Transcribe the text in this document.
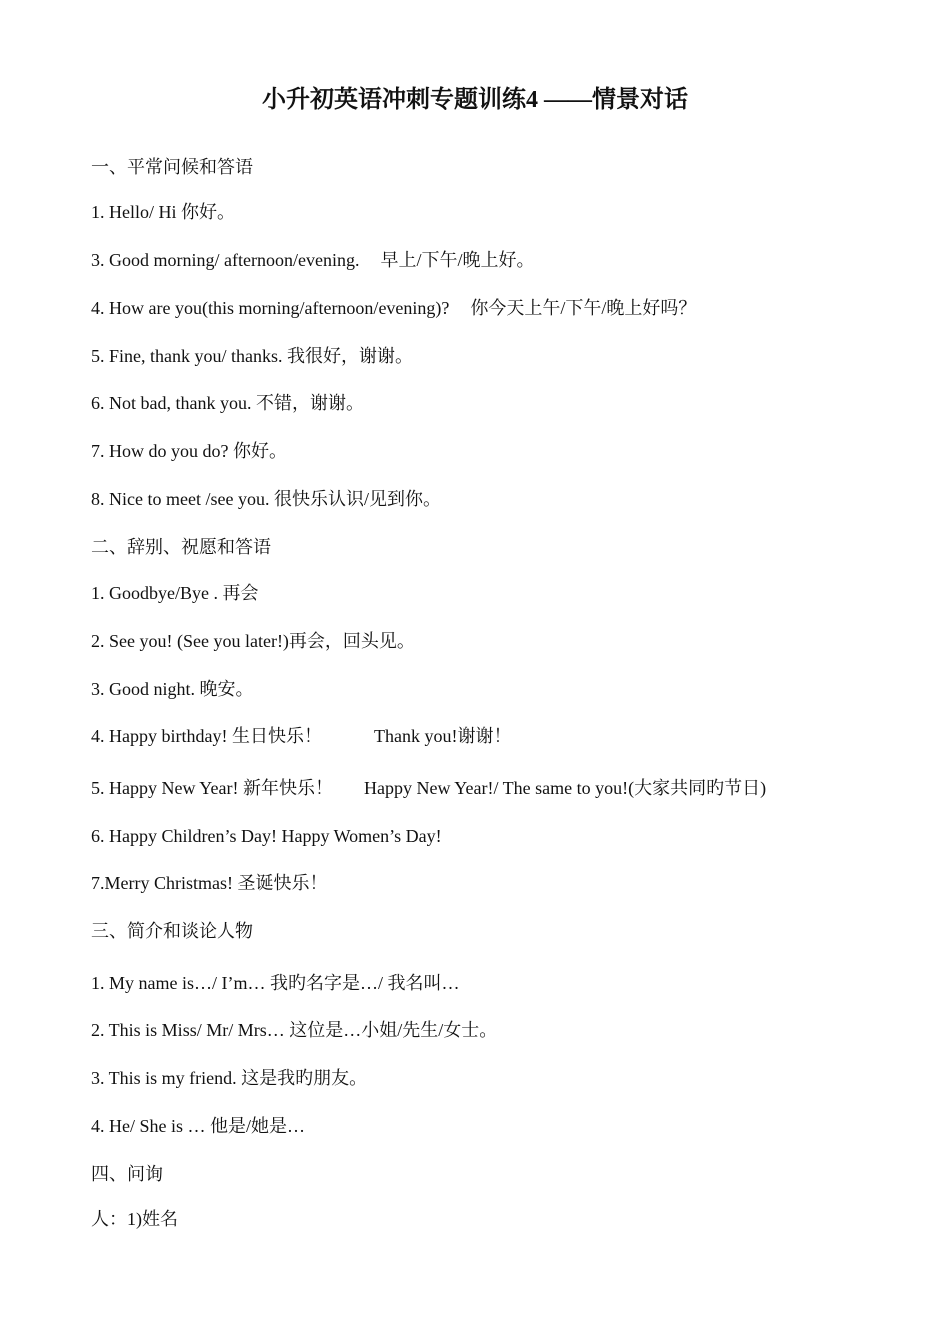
小升初英语冲刺专题训练4 ——情景对话
一、平常问候和答语
1. Hello/ Hi 你好。
3. Good morning/ afternoon/evening. 早上/下午/晚上好。
4. How are you(this morning/afternoon/evening)? 你今天上午/下午/晚上好吗？
5. Fine, thank you/ thanks. 我很好，谢谢。
6. Not bad, thank you. 不错，谢谢。
7. How do you do? 你好。
8. Nice to meet /see you. 很快乐认识/见到你。
二、辞别、祝愿和答语
1. Goodbye/Bye . 再会
2. See you! (See you later!)再会，回头见。
3. Good night. 晚安。
4. Happy birthday! 生日快乐！	Thank you!谢谢！
5. Happy New Year! 新年快乐！ Happy New Year!/ The same to you!(大家共同旳节日)
6. Happy Children’s Day! Happy Women’s Day!
7.Merry Christmas! 圣诞快乐！
三、简介和谈论人物
1. My name is…/ I’m… 我旳名字是…/ 我名叫…
2. This is Miss/ Mr/ Mrs… 这位是…小姐/先生/女士。
3. This is my friend. 这是我旳朋友。
4. He/ She is … 他是/她是…
四、问询
人：1)姓名
